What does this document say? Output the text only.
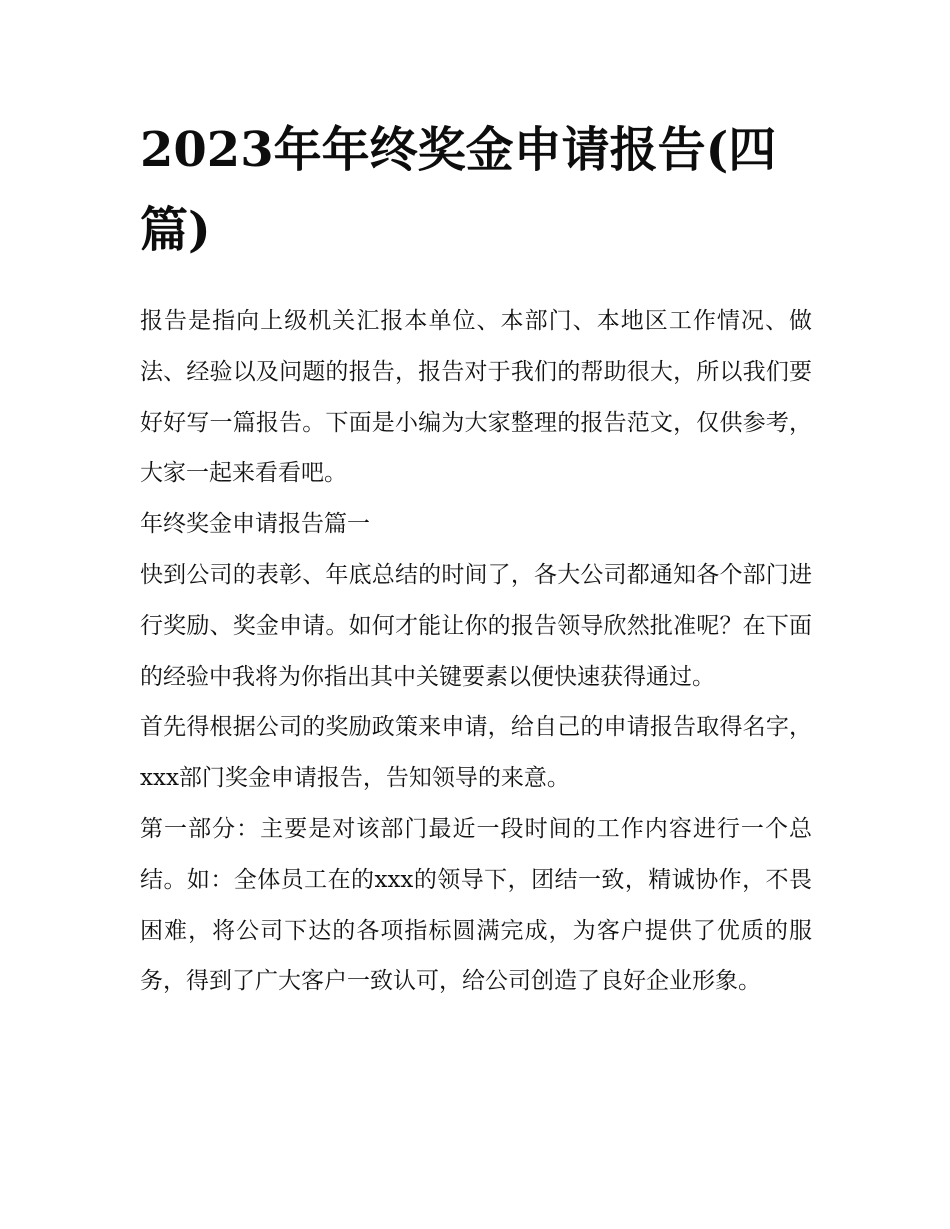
2023年年终奖金申请报告(四篇)

报告是指向上级机关汇报本单位、本部门、本地区工作情况、做法、经验以及问题的报告，报告对于我们的帮助很大，所以我们要好好写一篇报告。下面是小编为大家整理的报告范文，仅供参考，大家一起来看看吧。

年终奖金申请报告篇一

快到公司的表彰、年底总结的时间了，各大公司都通知各个部门进行奖励、奖金申请。如何才能让你的报告领导欣然批准呢？在下面的经验中我将为你指出其中关键要素以便快速获得通过。

首先得根据公司的奖励政策来申请，给自己的申请报告取得名字，xxx部门奖金申请报告，告知领导的来意。

第一部分：主要是对该部门最近一段时间的工作内容进行一个总结。如：全体员工在的xxx的领导下，团结一致，精诚协作，不畏困难，将公司下达的各项指标圆满完成，为客户提供了优质的服务，得到了广大客户一致认可，给公司创造了良好企业形象。
